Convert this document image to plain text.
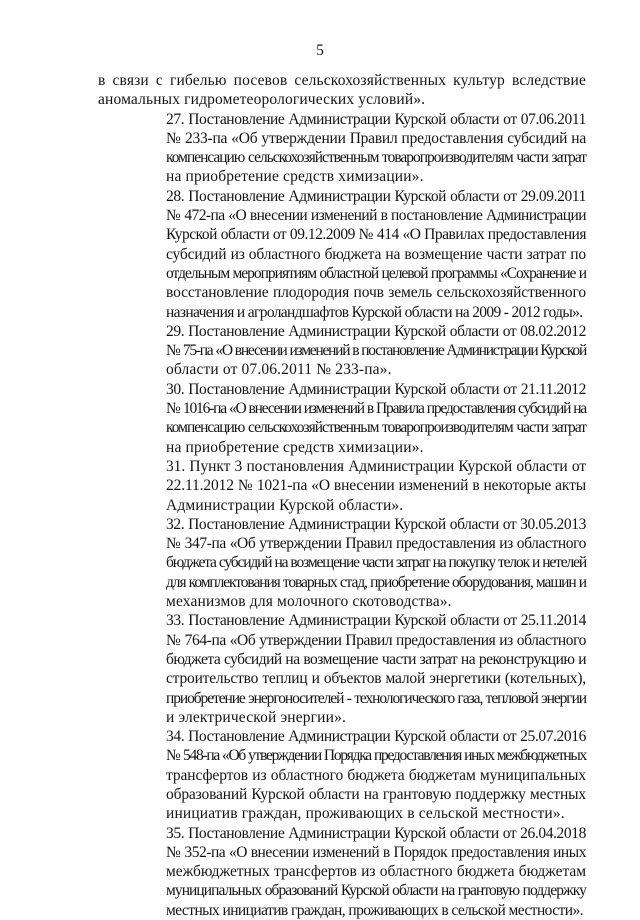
5

в связи с гибелью посевов сельскохозяйственных культур вследствие
аномальных гидрометеорологических условий».

27. Постановление Администрации Курской области от 07.06.2011
№ 233-па «Об утверждении Правил предоставления субсидий на
компенсацию сельскохозяйственным товаропроизводителям части затрат
на приобретение средств химизации».

28. Постановление Администрации Курской области от 29.09.2011
№ 472-па «О внесении изменений в постановление Администрации
Курской области от 09.12.2009 № 414 «О Правилах предоставления
субсидий из областного бюджета на возмещение части затрат по
отдельным мероприятиям областной целевой программы «Сохранение и
восстановление плодородия почв земель сельскохозяйственного
назначения и агроландшафтов Курской области на 2009 - 2012 годы».

29. Постановление Администрации Курской области от 08.02.2012
№ 75-па «О внесении изменений в постановление Администрации Курской
области от 07.06.2011 № 233-па».

30. Постановление Администрации Курской области от 21.11.2012
№ 1016-па «О внесении изменений в Правила предоставления субсидий на
компенсацию сельскохозяйственным товаропроизводителям части затрат
на приобретение средств химизации».

31. Пункт 3 постановления Администрации Курской области от
22.11.2012 № 1021-па «О внесении изменений в некоторые акты
Администрации Курской области».

32. Постановление Администрации Курской области от 30.05.2013
№ 347-па «Об утверждении Правил предоставления из областного
бюджета субсидий на возмещение части затрат на покупку телок и нетелей
для комплектования товарных стад, приобретение оборудования, машин и
механизмов для молочного скотоводства».

33. Постановление Администрации Курской области от 25.11.2014
№ 764-па «Об утверждении Правил предоставления из областного
бюджета субсидий на возмещение части затрат на реконструкцию и
строительство теплиц и объектов малой энергетики (котельных),
приобретение энергоносителей - технологического газа, тепловой энергии
и электрической энергии».

34. Постановление Администрации Курской области от 25.07.2016
№ 548-па «Об утверждении Порядка предоставления иных межбюджетных
трансфертов из областного бюджета бюджетам муниципальных
образований Курской области на грантовую поддержку местных
инициатив граждан, проживающих в сельской местности».

35. Постановление Администрации Курской области от 26.04.2018
№ 352-па «О внесении изменений в Порядок предоставления иных
межбюджетных трансфертов из областного бюджета бюджетам
муниципальных образований Курской области на грантовую поддержку
местных инициатив граждан, проживающих в сельской местности».
